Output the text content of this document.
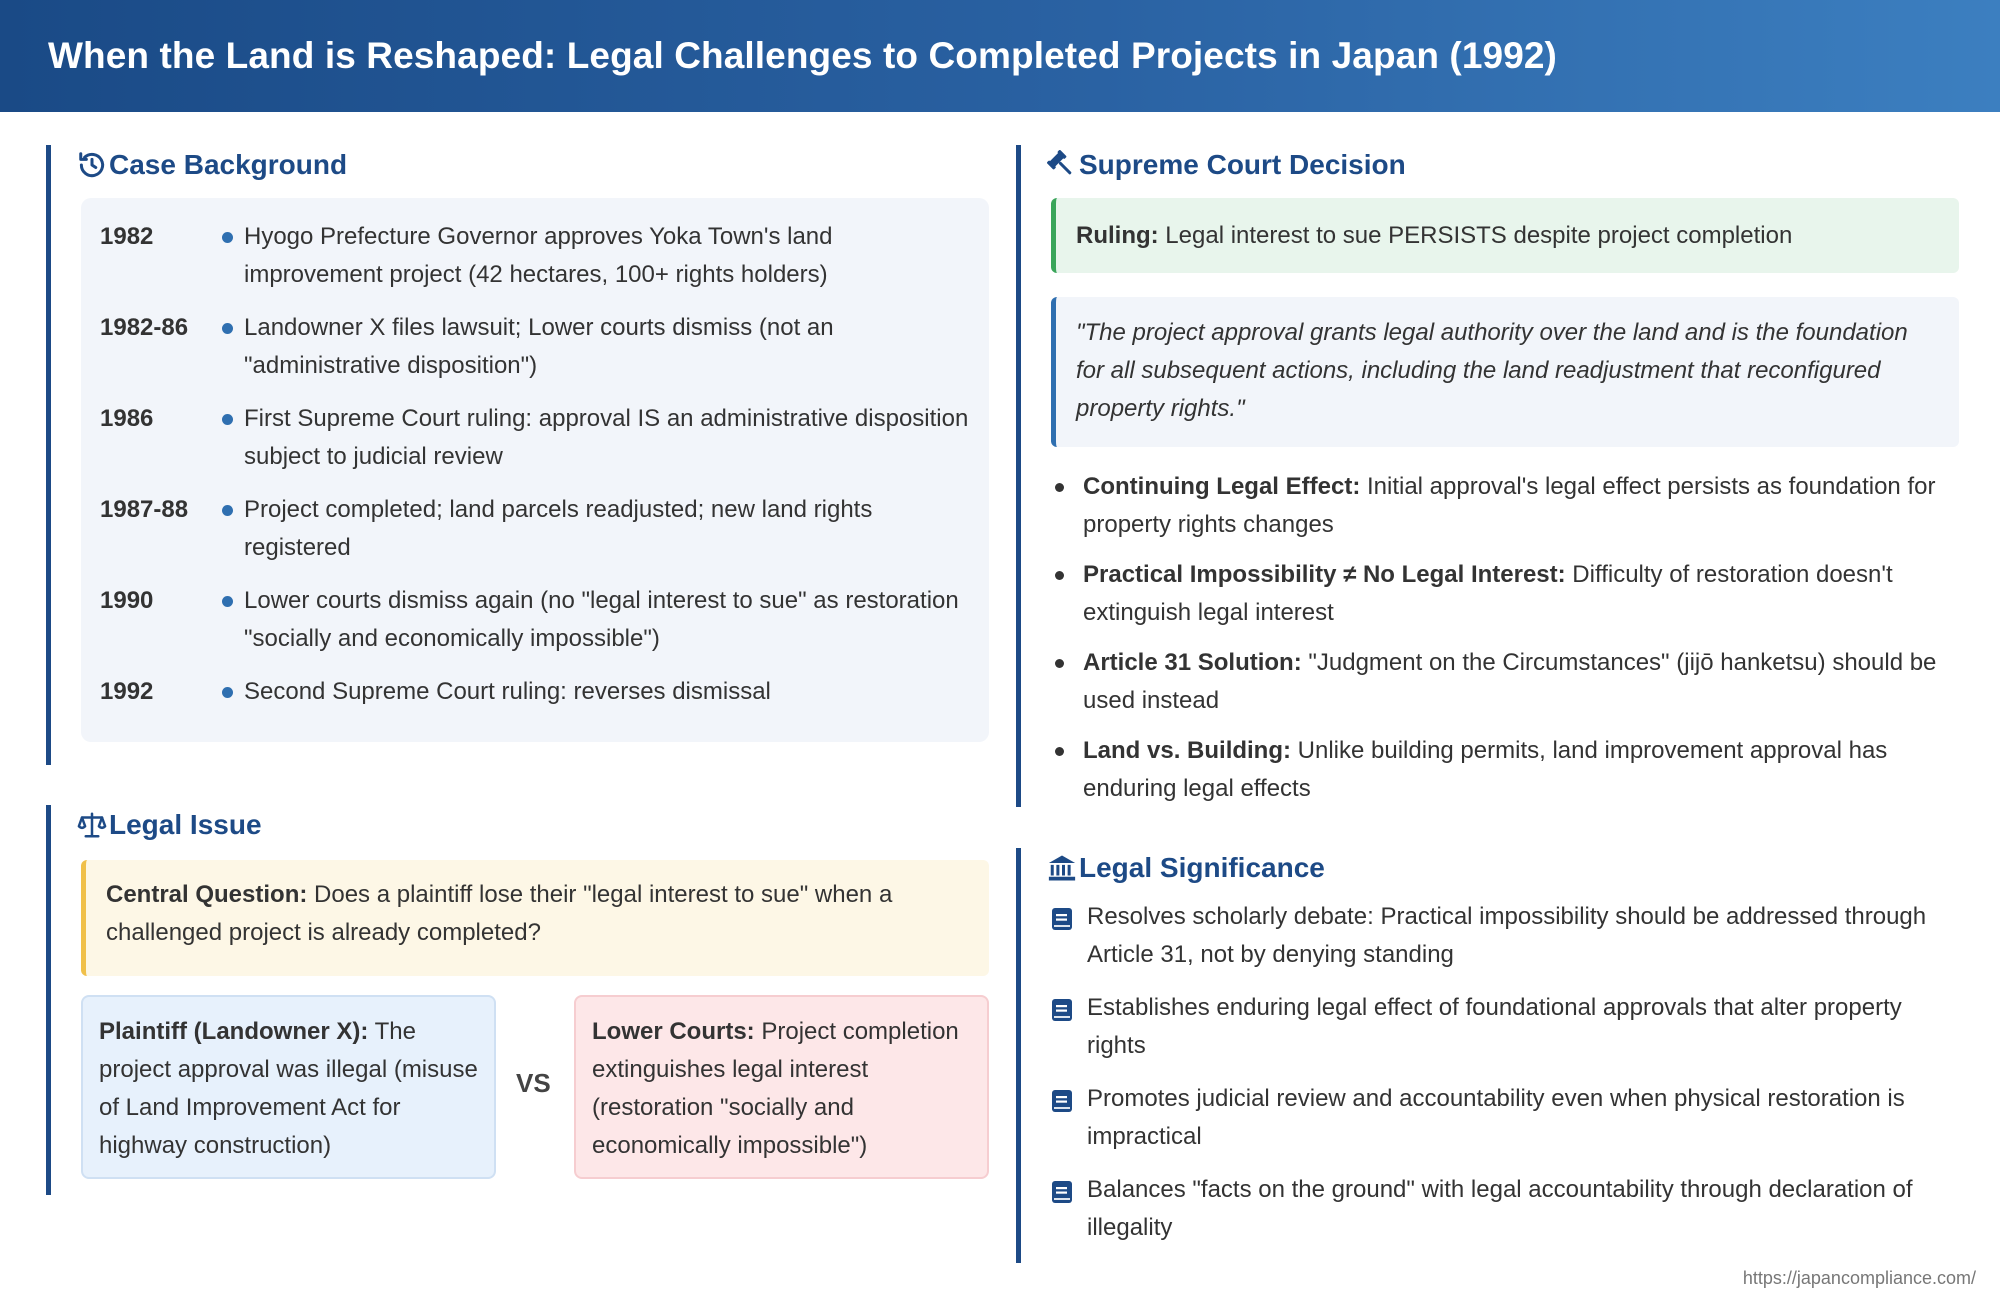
When the Land is Reshaped: Legal Challenges to Completed Projects in Japan (1992)
Case Background
1982	Hyogo Prefecture Governor approves Yoka Town's land improvement project (42 hectares, 100+ rights holders)
1982-86	Landowner X files lawsuit; Lower courts dismiss (not an "administrative disposition")
1986	First Supreme Court ruling: approval IS an administrative disposition subject to judicial review
1987-88	Project completed; land parcels readjusted; new land rights registered
1990	Lower courts dismiss again (no "legal interest to sue" as restoration "socially and economically impossible")
1992	Second Supreme Court ruling: reverses dismissal
Legal Issue
Central Question: Does a plaintiff lose their "legal interest to sue" when a challenged project is already completed?
Plaintiff (Landowner X): The project approval was illegal (misuse of Land Improvement Act for highway construction)
VS
Lower Courts: Project completion extinguishes legal interest (restoration "socially and economically impossible")
Supreme Court Decision
Ruling: Legal interest to sue PERSISTS despite project completion
"The project approval grants legal authority over the land and is the foundation for all subsequent actions, including the land readjustment that reconfigured property rights."
Continuing Legal Effect: Initial approval's legal effect persists as foundation for property rights changes
Practical Impossibility ≠ No Legal Interest: Difficulty of restoration doesn't extinguish legal interest
Article 31 Solution: "Judgment on the Circumstances" (jijō hanketsu) should be used instead
Land vs. Building: Unlike building permits, land improvement approval has enduring legal effects
Legal Significance
Resolves scholarly debate: Practical impossibility should be addressed through Article 31, not by denying standing
Establishes enduring legal effect of foundational approvals that alter property rights
Promotes judicial review and accountability even when physical restoration is impractical
Balances "facts on the ground" with legal accountability through declaration of illegality
https://japancompliance.com/
